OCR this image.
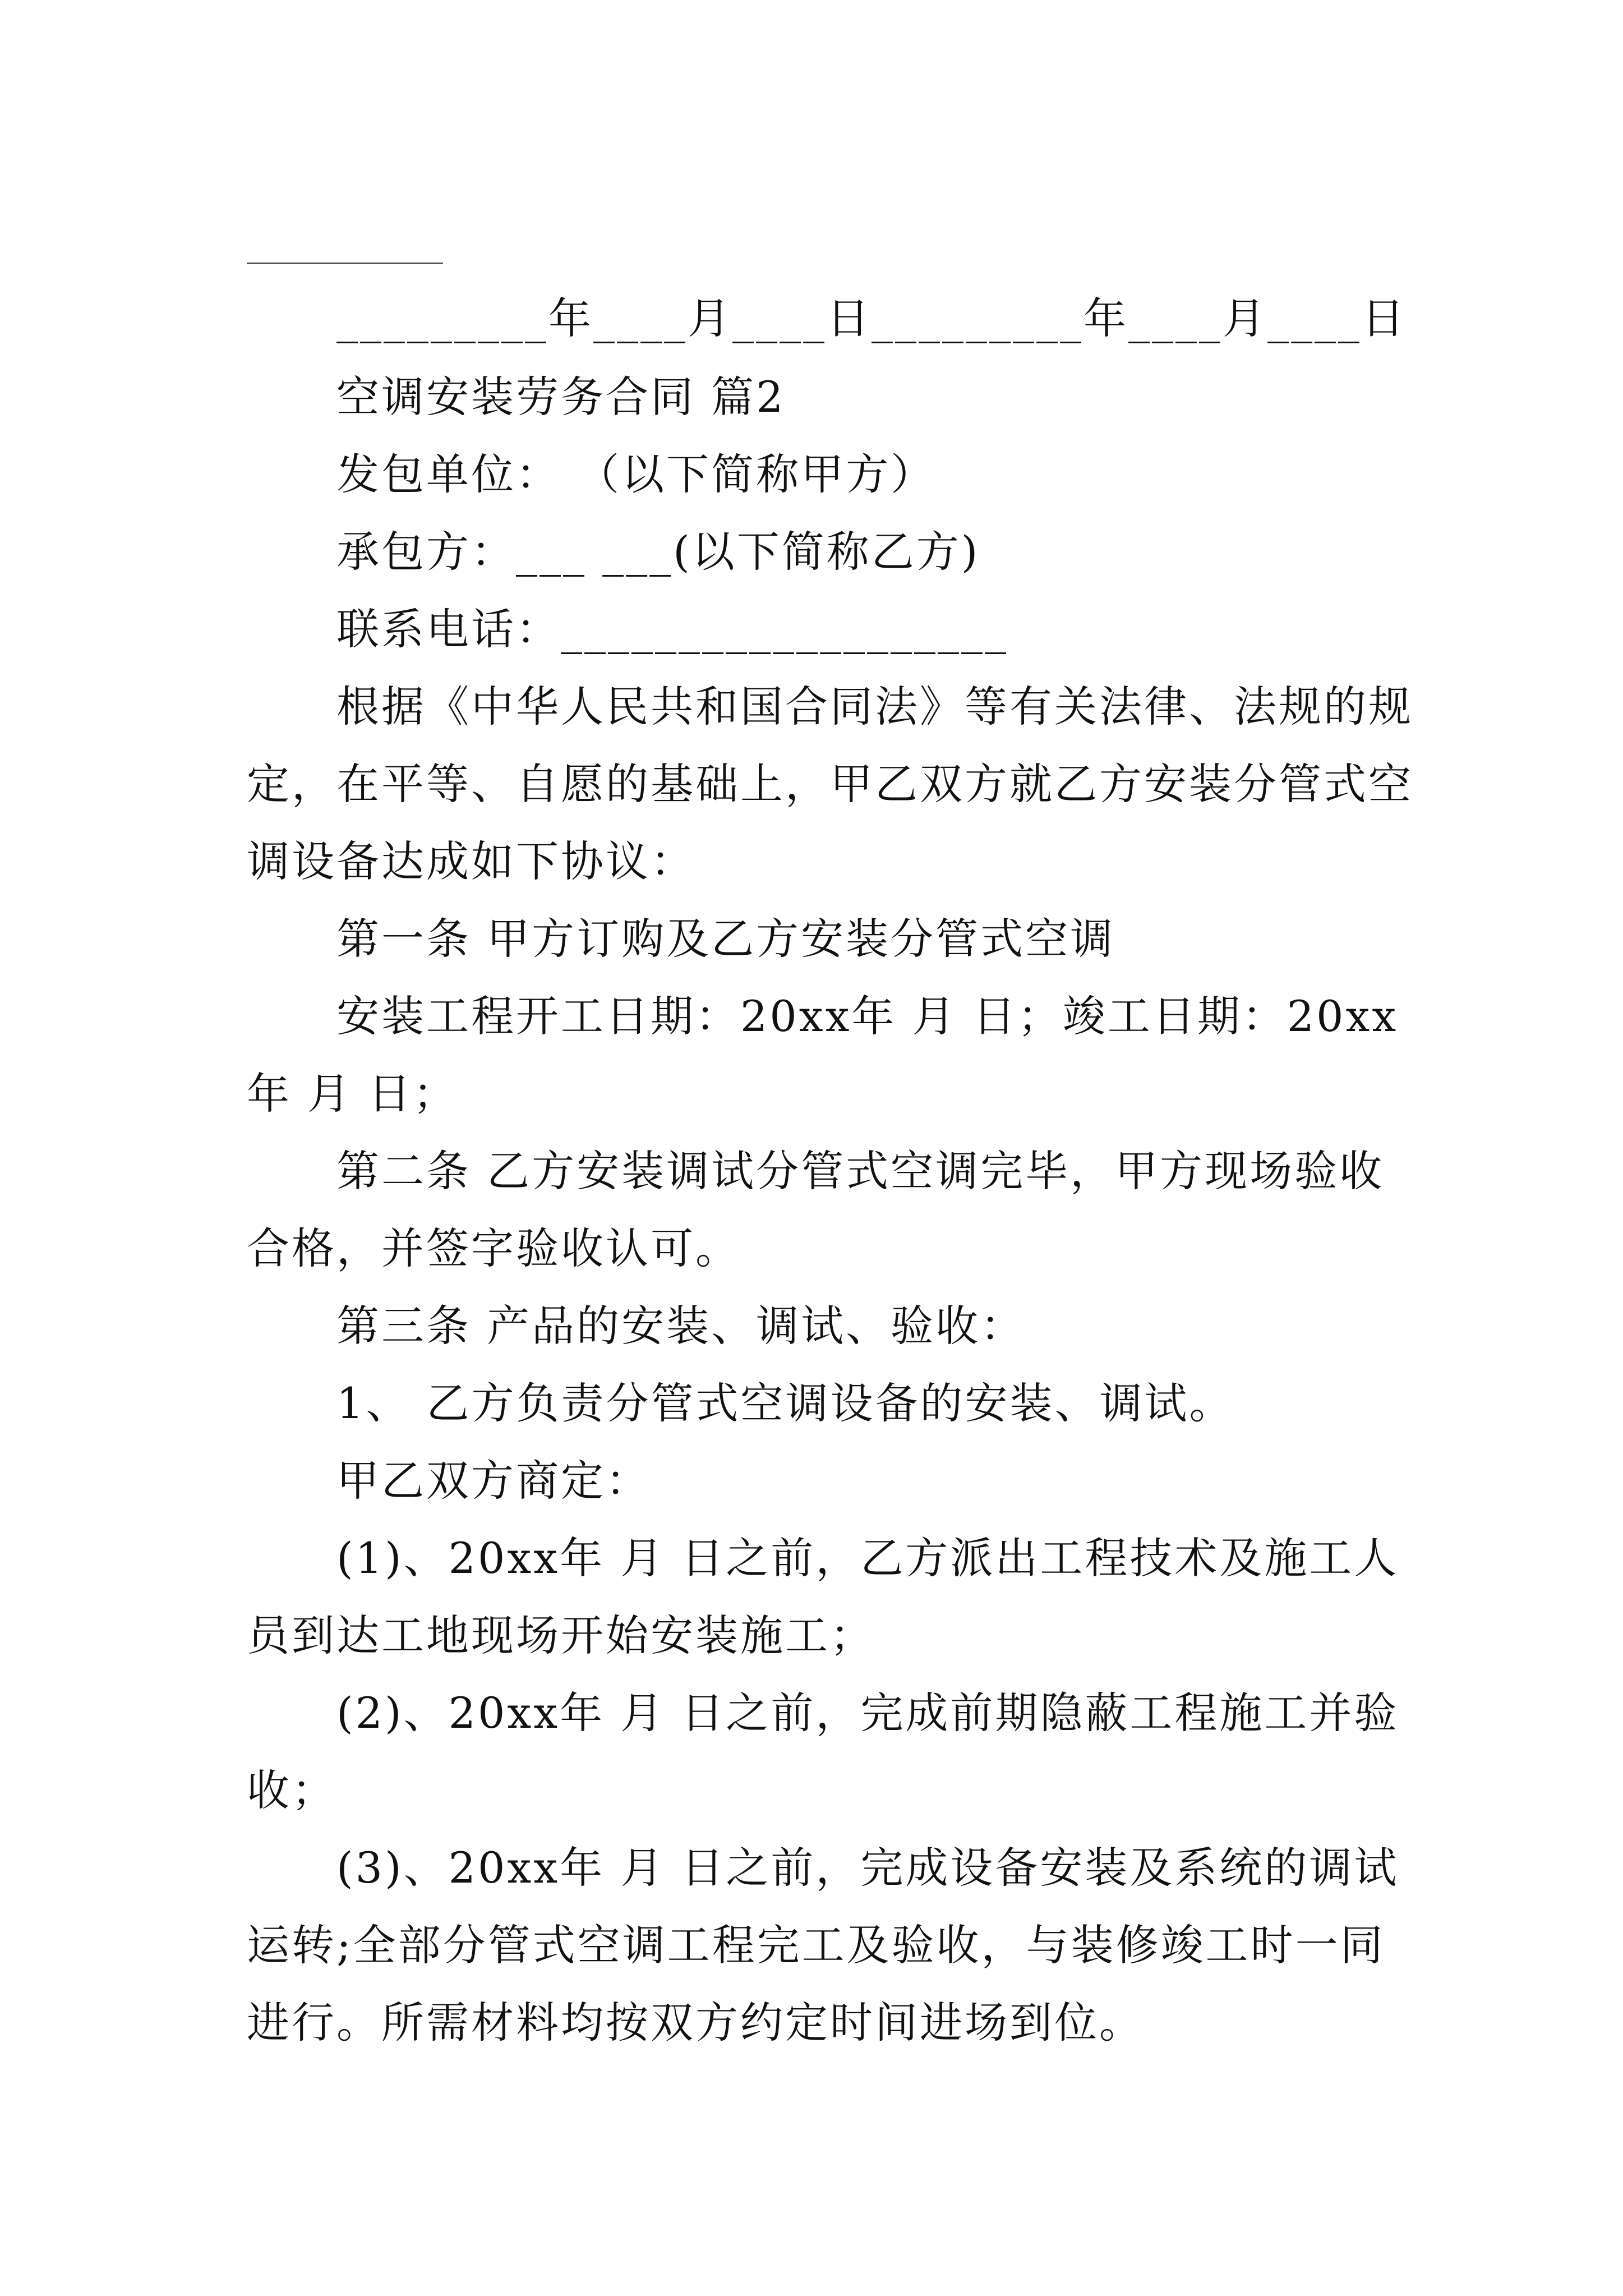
_________年____月____日_________年____月____日
空调安装劳务合同 篇2
发包单位： （以下简称甲方）
承包方：___ ___(以下简称乙方)
联系电话：___________________
根据《中华人民共和国合同法》等有关法律、法规的规
定，在平等、自愿的基础上，甲乙双方就乙方安装分管式空
调设备达成如下协议：
第一条 甲方订购及乙方安装分管式空调
安装工程开工日期：20xx年 月 日；竣工日期：20xx
年 月 日；
第二条 乙方安装调试分管式空调完毕，甲方现场验收
合格，并签字验收认可。
第三条 产品的安装、调试、验收：
1、 乙方负责分管式空调设备的安装、调试。
甲乙双方商定：
(1)、20xx年 月 日之前，乙方派出工程技术及施工人
员到达工地现场开始安装施工；
(2)、20xx年 月 日之前，完成前期隐蔽工程施工并验
收；
(3)、20xx年 月 日之前，完成设备安装及系统的调试
运转;全部分管式空调工程完工及验收，与装修竣工时一同
进行。所需材料均按双方约定时间进场到位。
